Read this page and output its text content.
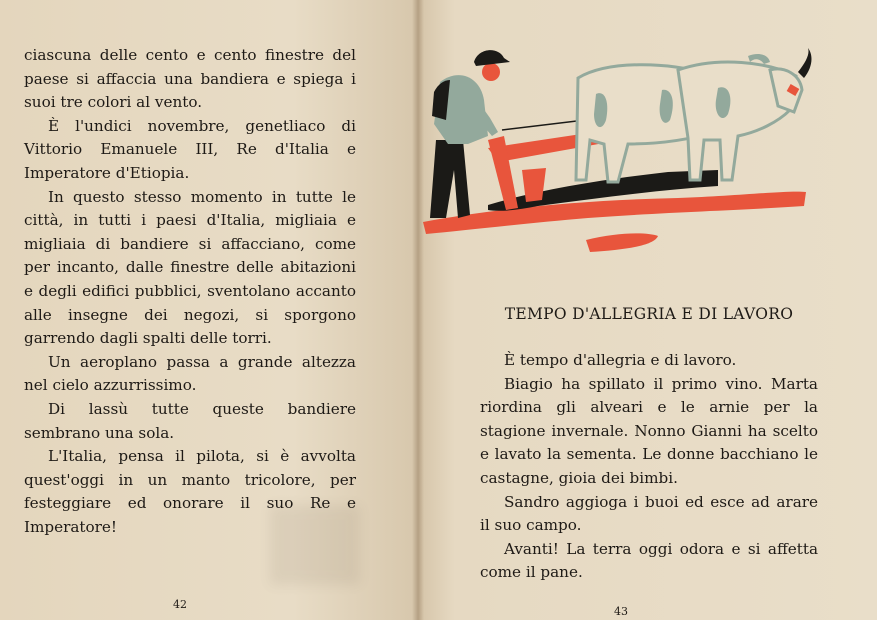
ciascuna delle cento e cento finestre del paese si affaccia una bandiera e spiega i suoi tre colori al vento.

È l'undici novembre, genetliaco di Vittorio Emanuele III, Re d'Italia e Imperatore d'Etiopia.

In questo stesso momento in tutte le città, in tutti i paesi d'Italia, migliaia e migliaia di bandiere si affacciano, come per incanto, dalle finestre delle abitazioni e degli edifici pubblici, sventolano accanto alle insegne dei negozi, si sporgono garrendo dagli spalti delle torri.

Un aeroplano passa a grande altezza nel cielo azzurrissimo.

Di lassù tutte queste bandiere sembrano una sola.

L'Italia, pensa il pilota, si è avvolta quest'oggi in un manto tricolore, per festeggiare ed onorare il suo Re e Imperatore!

42
TEMPO D'ALLEGRIA E DI LAVORO

È tempo d'allegria e di lavoro.

Biagio ha spillato il primo vino. Marta riordina gli alveari e le arnie per la stagione invernale. Nonno Gianni ha scelto e lavato la sementa. Le donne bacchiano le castagne, gioia dei bimbi.

Sandro aggioga i buoi ed esce ad arare il suo campo.

Avanti! La terra oggi odora e si affetta come il pane.

43
